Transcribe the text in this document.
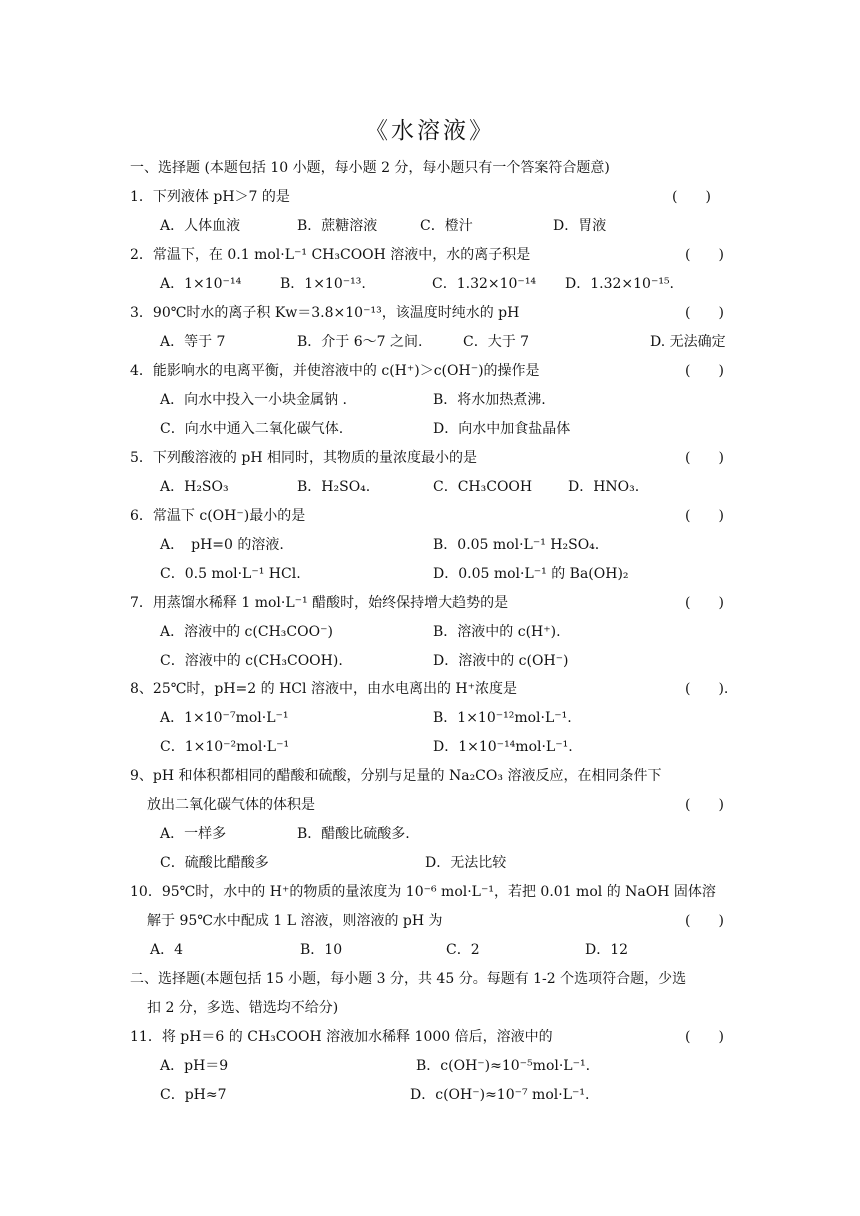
《水溶液》
一、选择题 (本题包括 10 小题，每小题 2 分，每小题只有一个答案符合题意)
1．下列液体 pH＞7 的是	(　　)
A．人体血液	B．蔗糖溶液	C．橙汁	D．胃液
2．常温下，在 0.1 mol·L⁻¹ CH₃COOH 溶液中，水的离子积是	(　　)
A．1×10⁻¹⁴	B．1×10⁻¹³.	C．1.32×10⁻¹⁴ D．1.32×10⁻¹⁵.
3．90℃时水的离子积 Kw＝3.8×10⁻¹³，该温度时纯水的 pH	(　　)
A．等于 7	B．介于 6～7 之间.	C．大于 7	D. 无法确定
4．能影响水的电离平衡，并使溶液中的 c(H⁺)＞c(OH⁻)的操作是	(　　)
A．向水中投入一小块金属钠 .	B．将水加热煮沸.
C．向水中通入二氧化碳气体.	D．向水中加食盐晶体
5．下列酸溶液的 pH 相同时，其物质的量浓度最小的是	(　　)
A．H₂SO₃	B．H₂SO₄.	C．CH₃COOH	D．HNO₃.
6．常温下 c(OH⁻)最小的是	(　　)
A．　pH=0 的溶液.	B．0.05 mol·L⁻¹ H₂SO₄.
C．0.5 mol·L⁻¹ HCl.	D．0.05 mol·L⁻¹ 的 Ba(OH)₂
7．用蒸馏水稀释 1 mol·L⁻¹ 醋酸时，始终保持增大趋势的是	(　　)
A．溶液中的 c(CH₃COO⁻)	B．溶液中的 c(H⁺).
C．溶液中的 c(CH₃COOH).	D．溶液中的 c(OH⁻)
8、25℃时，pH=2 的 HCl 溶液中，由水电离出的 H⁺浓度是	(　　).
A．1×10⁻⁷mol·L⁻¹	B．1×10⁻¹²mol·L⁻¹.
C．1×10⁻²mol·L⁻¹	D．1×10⁻¹⁴mol·L⁻¹.
9、pH 和体积都相同的醋酸和硫酸，分别与足量的 Na₂CO₃ 溶液反应，在相同条件下
放出二氧化碳气体的体积是	(　　)
A．一样多	B．醋酸比硫酸多.
C．硫酸比醋酸多	D．无法比较
10．95℃时，水中的 H⁺的物质的量浓度为 10⁻⁶ mol·L⁻¹，若把 0.01 mol 的 NaOH 固体溶
解于 95℃水中配成 1 L 溶液，则溶液的 pH 为	(　　)
A．4	B．10	C．2	D．12
二、选择题(本题包括 15 小题，每小题 3 分，共 45 分。每题有 1-2 个选项符合题，少选
扣 2 分，多选、错选均不给分)
11．将 pH＝6 的 CH₃COOH 溶液加水稀释 1000 倍后，溶液中的	(　　)
A．pH＝9	B．c(OH⁻)≈10⁻⁵mol·L⁻¹.
C．pH≈7	D．c(OH⁻)≈10⁻⁷ mol·L⁻¹.
